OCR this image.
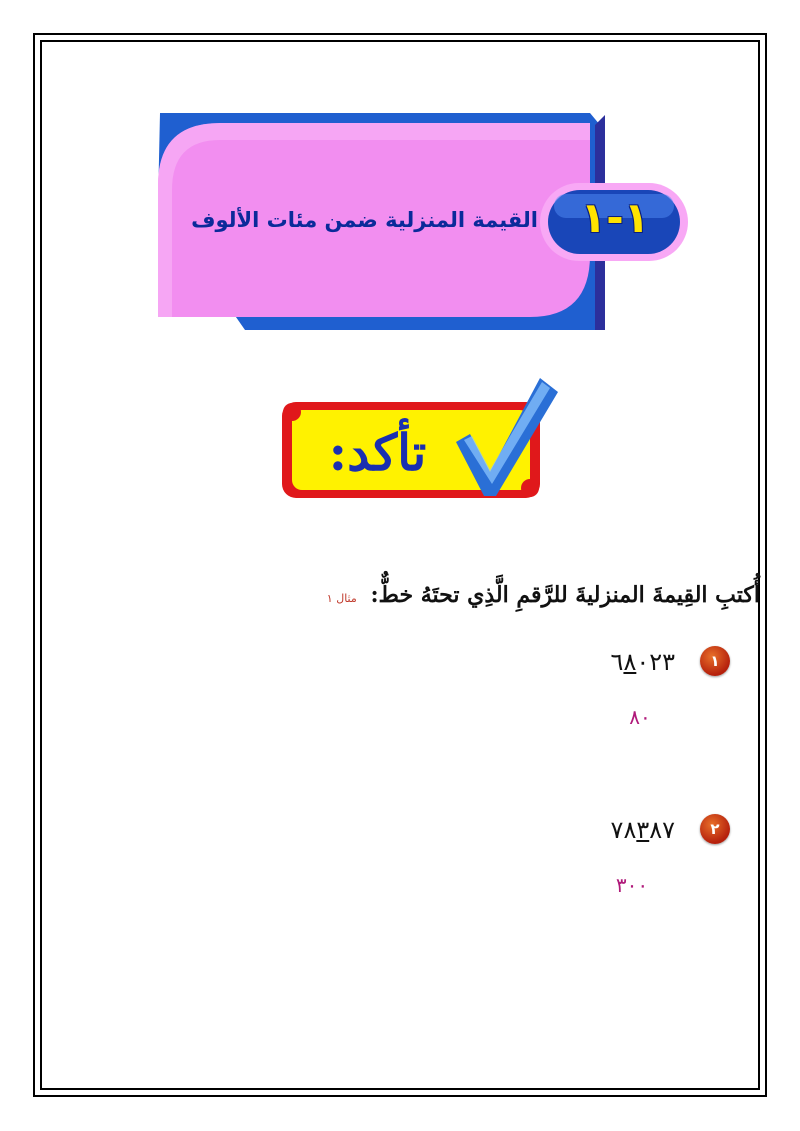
القيمة المنزلية ضمن مئات الألوف	١-١
تأكد:
أُكتبِ القِيمةَ المنزليةَ للرَّقمِ الَّذِي تحتَهُ خطٌّ: مثال ١
١
٣٢٠٨٦
٨٠
٢
٧٨٣٨٧
٣٠٠
